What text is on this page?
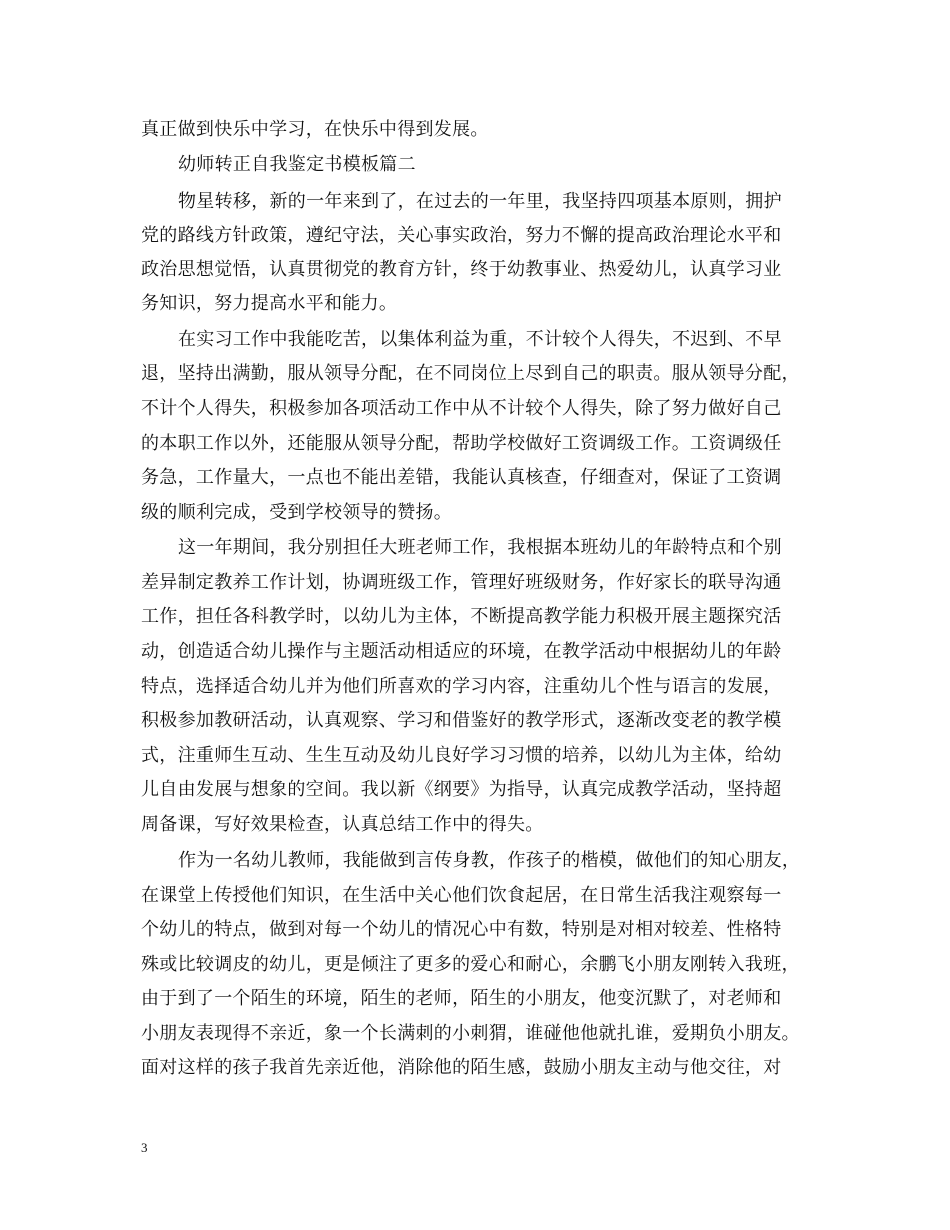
真正做到快乐中学习，在快乐中得到发展。
幼师转正自我鉴定书模板篇二
物星转移，新的一年来到了，在过去的一年里，我坚持四项基本原则，拥护
党的路线方针政策，遵纪守法，关心事实政治，努力不懈的提高政治理论水平和
政治思想觉悟，认真贯彻党的教育方针，终于幼教事业、热爱幼儿，认真学习业
务知识，努力提高水平和能力。
在实习工作中我能吃苦，以集体利益为重，不计较个人得失，不迟到、不早
退，坚持出满勤，服从领导分配，在不同岗位上尽到自己的职责。服从领导分配，
不计个人得失，积极参加各项活动工作中从不计较个人得失，除了努力做好自己
的本职工作以外，还能服从领导分配，帮助学校做好工资调级工作。工资调级任
务急，工作量大，一点也不能出差错，我能认真核查，仔细查对，保证了工资调
级的顺利完成，受到学校领导的赞扬。
这一年期间，我分别担任大班老师工作，我根据本班幼儿的年龄特点和个别
差异制定教养工作计划，协调班级工作，管理好班级财务，作好家长的联导沟通
工作，担任各科教学时，以幼儿为主体，不断提高教学能力积极开展主题探究活
动，创造适合幼儿操作与主题活动相适应的环境，在教学活动中根据幼儿的年龄
特点，选择适合幼儿并为他们所喜欢的学习内容，注重幼儿个性与语言的发展，
积极参加教研活动，认真观察、学习和借鉴好的教学形式，逐渐改变老的教学模
式，注重师生互动、生生互动及幼儿良好学习习惯的培养，以幼儿为主体，给幼
儿自由发展与想象的空间。我以新《纲要》为指导，认真完成教学活动，坚持超
周备课，写好效果检查，认真总结工作中的得失。
作为一名幼儿教师，我能做到言传身教，作孩子的楷模，做他们的知心朋友，
在课堂上传授他们知识，在生活中关心他们饮食起居，在日常生活我注观察每一
个幼儿的特点，做到对每一个幼儿的情况心中有数，特别是对相对较差、性格特
殊或比较调皮的幼儿，更是倾注了更多的爱心和耐心，余鹏飞小朋友刚转入我班，
由于到了一个陌生的环境，陌生的老师，陌生的小朋友，他变沉默了，对老师和
小朋友表现得不亲近，象一个长满刺的小刺猬，谁碰他他就扎谁，爱期负小朋友。
面对这样的孩子我首先亲近他，消除他的陌生感，鼓励小朋友主动与他交往，对
3
